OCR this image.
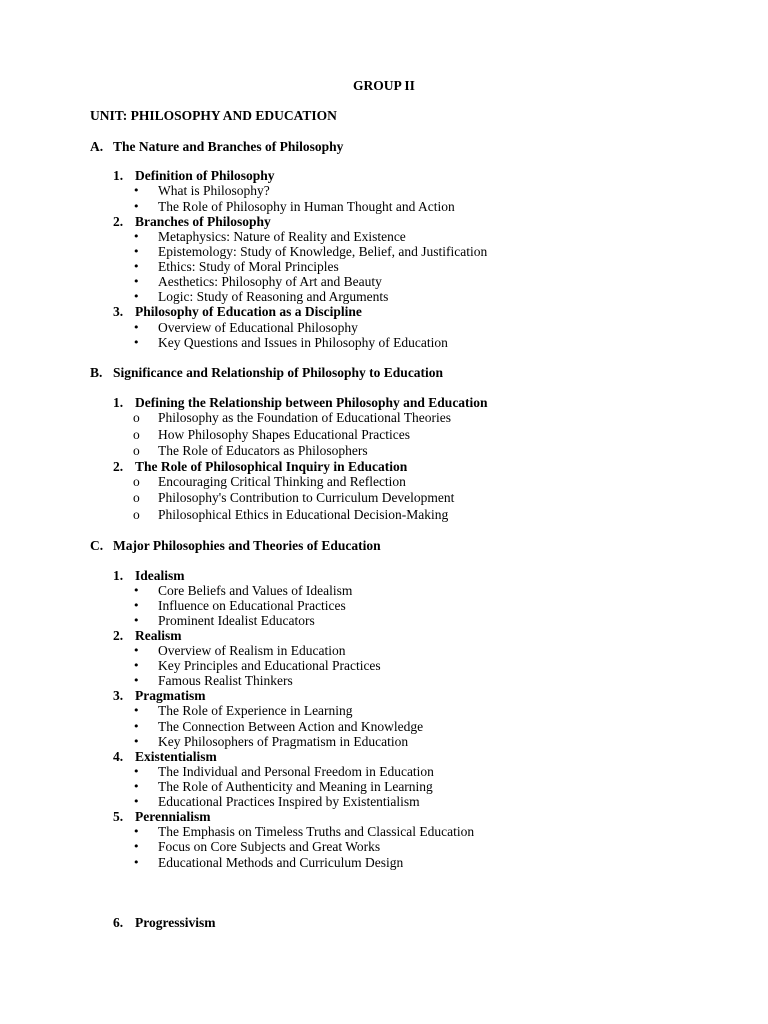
GROUP II
UNIT: PHILOSOPHY AND EDUCATION
A. The Nature and Branches of Philosophy
1. Definition of Philosophy
• What is Philosophy?
• The Role of Philosophy in Human Thought and Action
2. Branches of Philosophy
• Metaphysics: Nature of Reality and Existence
• Epistemology: Study of Knowledge, Belief, and Justification
• Ethics: Study of Moral Principles
• Aesthetics: Philosophy of Art and Beauty
• Logic: Study of Reasoning and Arguments
3. Philosophy of Education as a Discipline
• Overview of Educational Philosophy
• Key Questions and Issues in Philosophy of Education
B. Significance and Relationship of Philosophy to Education
1. Defining the Relationship between Philosophy and Education
o Philosophy as the Foundation of Educational Theories
o How Philosophy Shapes Educational Practices
o The Role of Educators as Philosophers
2. The Role of Philosophical Inquiry in Education
o Encouraging Critical Thinking and Reflection
o Philosophy's Contribution to Curriculum Development
o Philosophical Ethics in Educational Decision-Making
C. Major Philosophies and Theories of Education
1. Idealism
• Core Beliefs and Values of Idealism
• Influence on Educational Practices
• Prominent Idealist Educators
2. Realism
• Overview of Realism in Education
• Key Principles and Educational Practices
• Famous Realist Thinkers
3. Pragmatism
• The Role of Experience in Learning
• The Connection Between Action and Knowledge
• Key Philosophers of Pragmatism in Education
4. Existentialism
• The Individual and Personal Freedom in Education
• The Role of Authenticity and Meaning in Learning
• Educational Practices Inspired by Existentialism
5. Perennialism
• The Emphasis on Timeless Truths and Classical Education
• Focus on Core Subjects and Great Works
• Educational Methods and Curriculum Design
6. Progressivism
